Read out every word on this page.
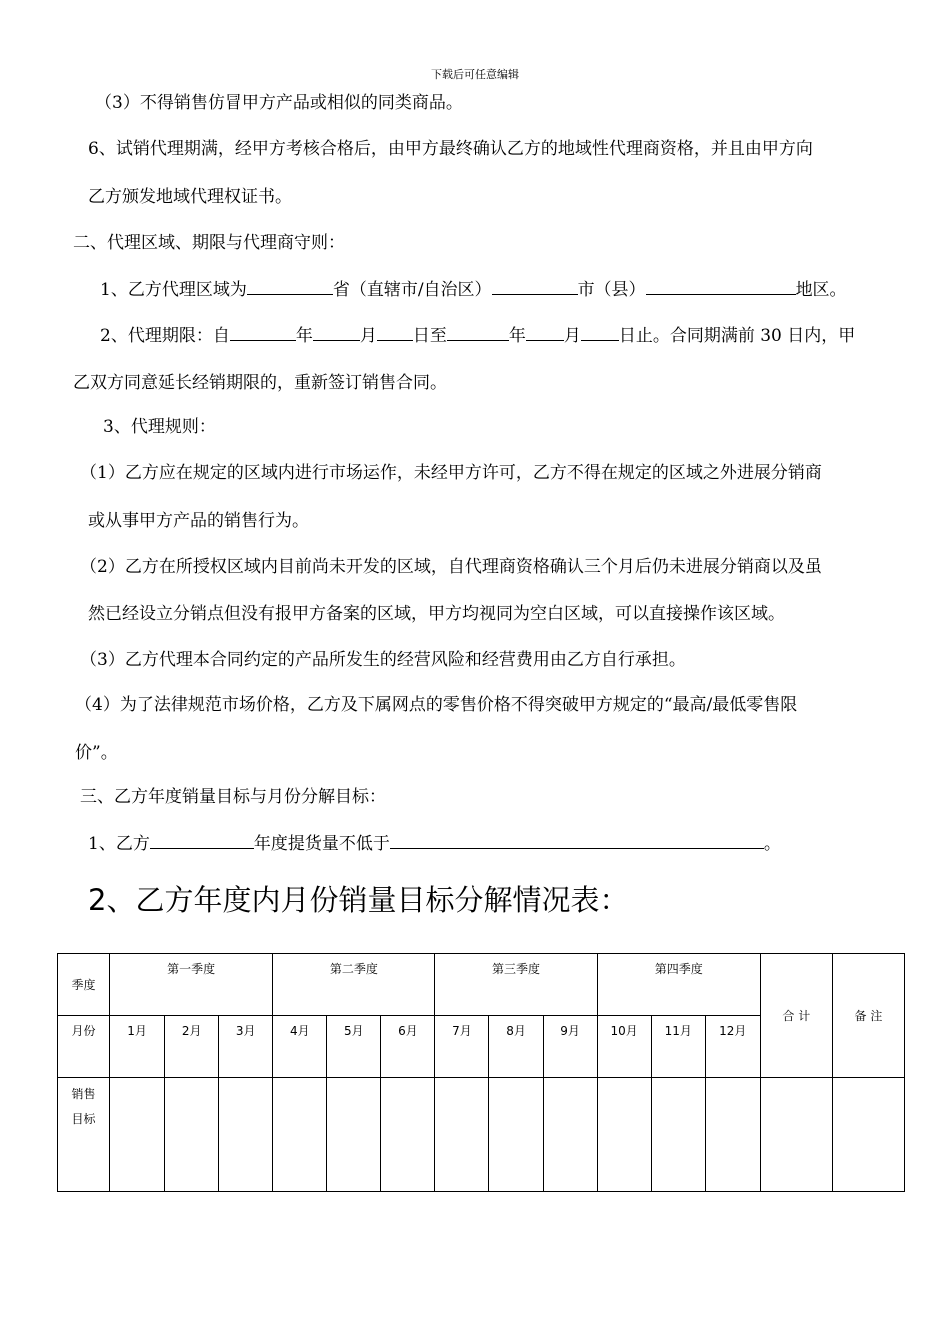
下载后可任意编辑
（3）不得销售仿冒甲方产品或相似的同类商品。
6、试销代理期满，经甲方考核合格后，由甲方最终确认乙方的地域性代理商资格，并且由甲方向
乙方颁发地域代理权证书。
二、代理区域、期限与代理商守则：
1、乙方代理区域为	省（直辖市/自治区）	市（县）	地区。
2、代理期限：自	年	月 日至	年 月 日止。合同期满前 30 日内，甲
乙双方同意延长经销期限的，重新签订销售合同。
3、代理规则：
（1）乙方应在规定的区域内进行市场运作，未经甲方许可，乙方不得在规定的区域之外进展分销商
或从事甲方产品的销售行为。
（2）乙方在所授权区域内目前尚未开发的区域，自代理商资格确认三个月后仍未进展分销商以及虽
然已经设立分销点但没有报甲方备案的区域，甲方均视同为空白区域，可以直接操作该区域。
（3）乙方代理本合同约定的产品所发生的经营风险和经营费用由乙方自行承担。
（4）为了法律规范市场价格，乙方及下属网点的零售价格不得突破甲方规定的“最高/最低零售限
价”。
三、乙方年度销量目标与月份分解目标：
1、乙方	年度提货量不低于	。
2、乙方年度内月份销量目标分解情况表：
季度	第一季度			第二季度			第三季度			第四季度			合 计	备 注
月份	1月	2月	3月	4月	5月	6月	7月	8月	9月	10月	11月	12月		

销售
目标														
